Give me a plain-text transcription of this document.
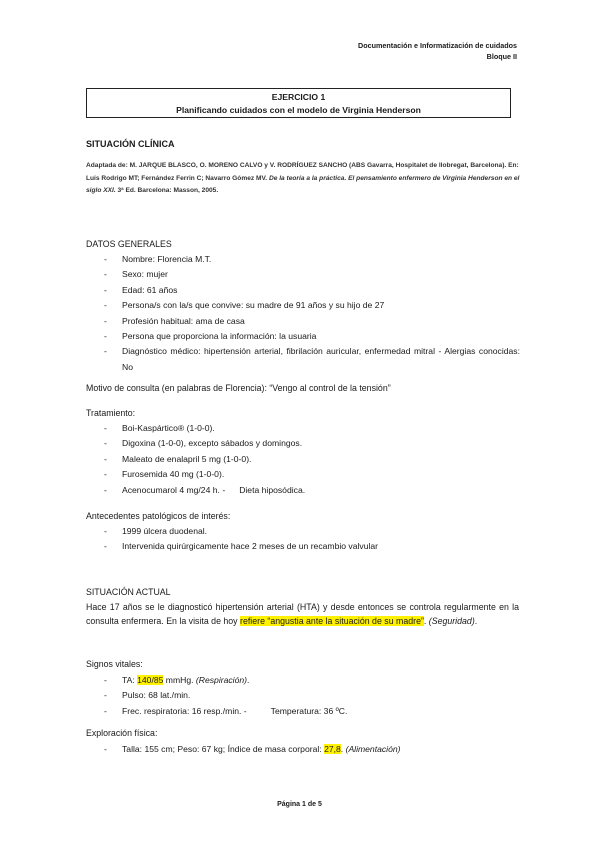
Documentación e Informatización de cuidados
Bloque II
EJERCICIO 1
Planificando cuidados con el modelo de Virginia Henderson
SITUACIÓN CLÍNICA
Adaptada de: M. JARQUE BLASCO, O. MORENO CALVO y V. RODRÍGUEZ SANCHO (ABS Gavarra, Hospitalet de llobregat, Barcelona). En: Luis Rodrigo MT; Fernández Ferrin C; Navarro Gómez MV. De la teoría a la práctica. El pensamiento enfermero de Virginia Henderson en el siglo XXI. 3ª Ed. Barcelona: Masson, 2005.
DATOS GENERALES
- Nombre: Florencia M.T.
- Sexo: mujer
- Edad: 61 años
- Persona/s con la/s que convive: su madre de 91 años y su hijo de 27
- Profesión habitual: ama de casa
- Persona que proporciona la información: la usuaria
- Diagnóstico médico: hipertensión arterial, fibrilación auricular, enfermedad mitral - Alergias conocidas: No
Motivo de consulta (en palabras de Florencia): “Vengo al control de la tensión”
Tratamiento:
- Boi-Kaspártico® (1-0-0).
- Digoxina (1-0-0), excepto sábados y domingos.
- Maleato de enalapril 5 mg (1-0-0).
- Furosemida 40 mg (1-0-0).
- Acenocumarol 4 mg/24 h. - Dieta hiposódica.
Antecedentes patológicos de interés:
- 1999 úlcera duodenal.
- Intervenida quirúrgicamente hace 2 meses de un recambio valvular
SITUACIÓN ACTUAL
Hace 17 años se le diagnosticó hipertensión arterial (HTA) y desde entonces se controla regularmente en la consulta enfermera. En la visita de hoy refiere “angustia ante la situación de su madre”. (Seguridad).
Signos vitales:
- TA: 140/85 mmHg. (Respiración).
- Pulso: 68 lat./min.
- Frec. respiratoria: 16 resp./min. -	Temperatura: 36 ºC.
Exploración física:
- Talla: 155 cm; Peso: 67 kg; Índice de masa corporal: 27,8. (Alimentación)
Página 1 de 5
